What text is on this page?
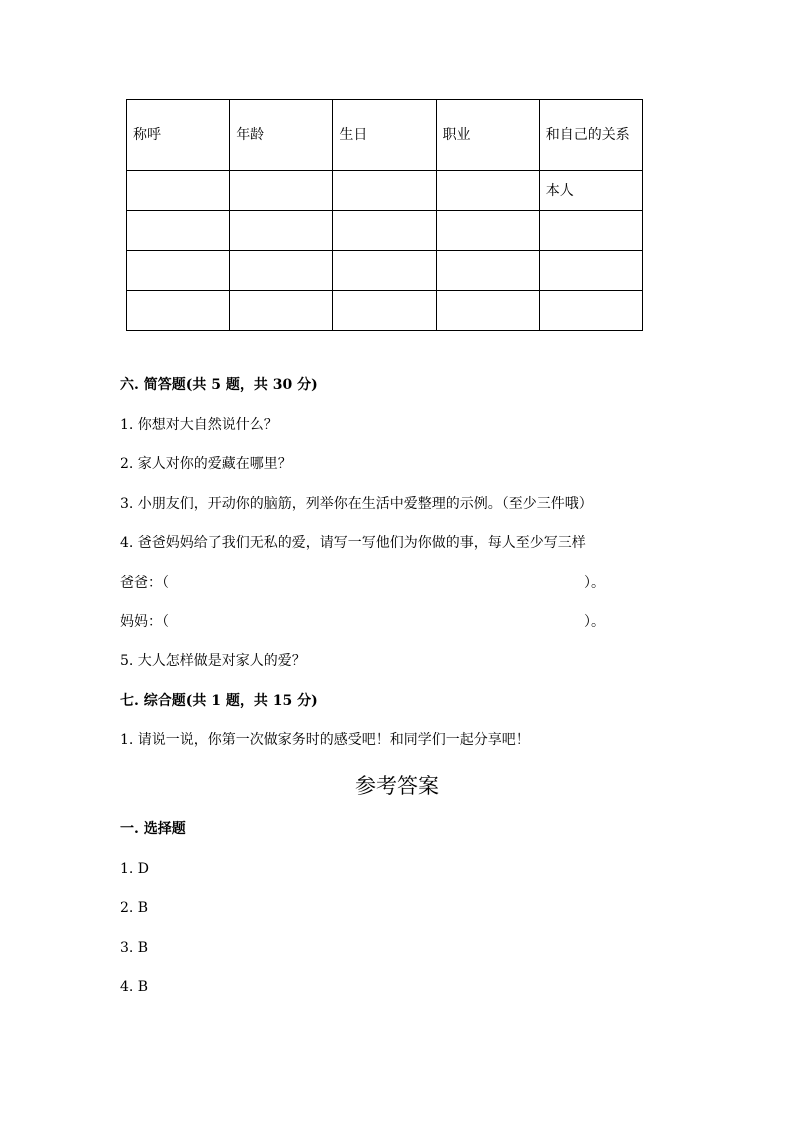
称呼	年龄	生日	职业	和自己的关系
				本人

六. 简答题(共 5 题，共 30 分)
1. 你想对大自然说什么？
2. 家人对你的爱藏在哪里？
3. 小朋友们，开动你的脑筋，列举你在生活中爱整理的示例。（至少三件哦）
4. 爸爸妈妈给了我们无私的爱，请写一写他们为你做的事，每人至少写三样
爸爸：（	）。
妈妈：（	）。
5. 大人怎样做是对家人的爱？
七. 综合题(共 1 题，共 15 分)
1. 请说一说，你第一次做家务时的感受吧！和同学们一起分享吧！
参考答案
一. 选择题
1. D
2. B
3. B
4. B
